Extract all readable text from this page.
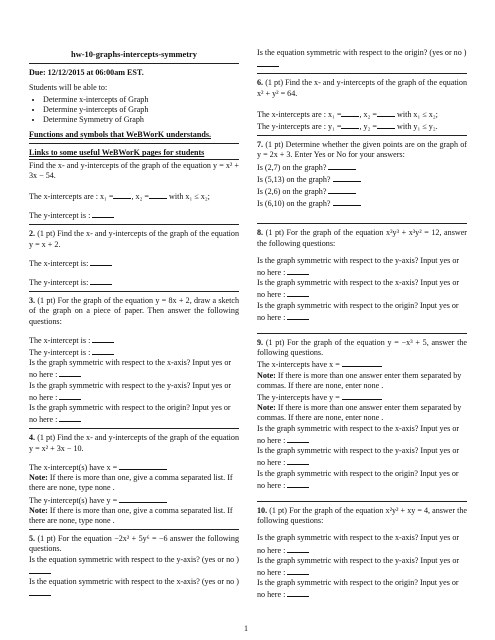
hw-10-graphs-intercepts-symmetry
Due: 12/12/2015 at 06:00am EST.
Students will be able to:
• Determine x-intercepts of Graph
• Determine y-intercepts of Graph
• Determine Symmetry of Graph
Functions and symbols that WeBWorK understands.
Links to some useful WeBWorK pages for students
Find the x- and y-intercepts of the graph of the equation y = x² + 3x − 54.
The x-intercepts are : x₁ = , x₂ = with x₁ ≤ x₂;
The y-intercept is :
2. (1 pt) Find the x- and y-intercepts of the graph of the equation y = x + 2.
The x-intercept is:
The y-intercept is:
3. (1 pt) For the graph of the equation y = 8x + 2, draw a sketch of the graph on a piece of paper. Then answer the following questions:
The x-intercept is :
The y-intercept is :
Is the graph symmetric with respect to the x-axis? Input yes or no here :
Is the graph symmetric with respect to the y-axis? Input yes or no here :
Is the graph symmetric with respect to the origin? Input yes or no here :
4. (1 pt) Find the x- and y-intercepts of the graph of the equation y = x² + 3x − 10.
The x-intercept(s) have x =
Note: If there is more than one, give a comma separated list. If there are none, type none .
The y-intercept(s) have y =
Note: If there is more than one, give a comma separated list. If there are none, type none .
5. (1 pt) For the equation −2x² + 5y⁶ = −6 answer the following questions.
Is the equation symmetric with respect to the y-axis? (yes or no )
Is the equation symmetric with respect to the x-axis? (yes or no )
Is the equation symmetric with respect to the origin? (yes or no )
6. (1 pt) Find the x- and y-intercepts of the graph of the equation x² + y² = 64.
The x-intercepts are : x₁ = , x₂ = with x₁ ≤ x₂;
The y-intercepts are : y₁ = , y₂ = with y₁ ≤ y₂.
7. (1 pt) Determine whether the given points are on the graph of y = 2x + 3. Enter Yes or No for your answers:
Is (2,7) on the graph?
Is (5,13) on the graph?
Is (2,6) on the graph?
Is (6,10) on the graph?
8. (1 pt) For the graph of the equation x²y³ + x³y² = 12, answer the following questions:
Is the graph symmetric with respect to the y-axis? Input yes or no here :
Is the graph symmetric with respect to the x-axis? Input yes or no here :
Is the graph symmetric with respect to the origin? Input yes or no here :
9. (1 pt) For the graph of the equation y = −x³ + 5, answer the following questions.
The x-intercepts have x =
Note: If there is more than one answer enter them separated by commas. If there are none, enter none .
The y-intercepts have y =
Note: If there is more than one answer enter them separated by commas. If there are none, enter none .
Is the graph symmetric with respect to the x-axis? Input yes or no here :
Is the graph symmetric with respect to the y-axis? Input yes or no here :
Is the graph symmetric with respect to the origin? Input yes or no here :
10. (1 pt) For the graph of the equation x²y² + xy = 4, answer the following questions:
Is the graph symmetric with respect to the x-axis? Input yes or no here :
Is the graph symmetric with respect to the y-axis? Input yes or no here :
Is the graph symmetric with respect to the origin? Input yes or no here :
1
